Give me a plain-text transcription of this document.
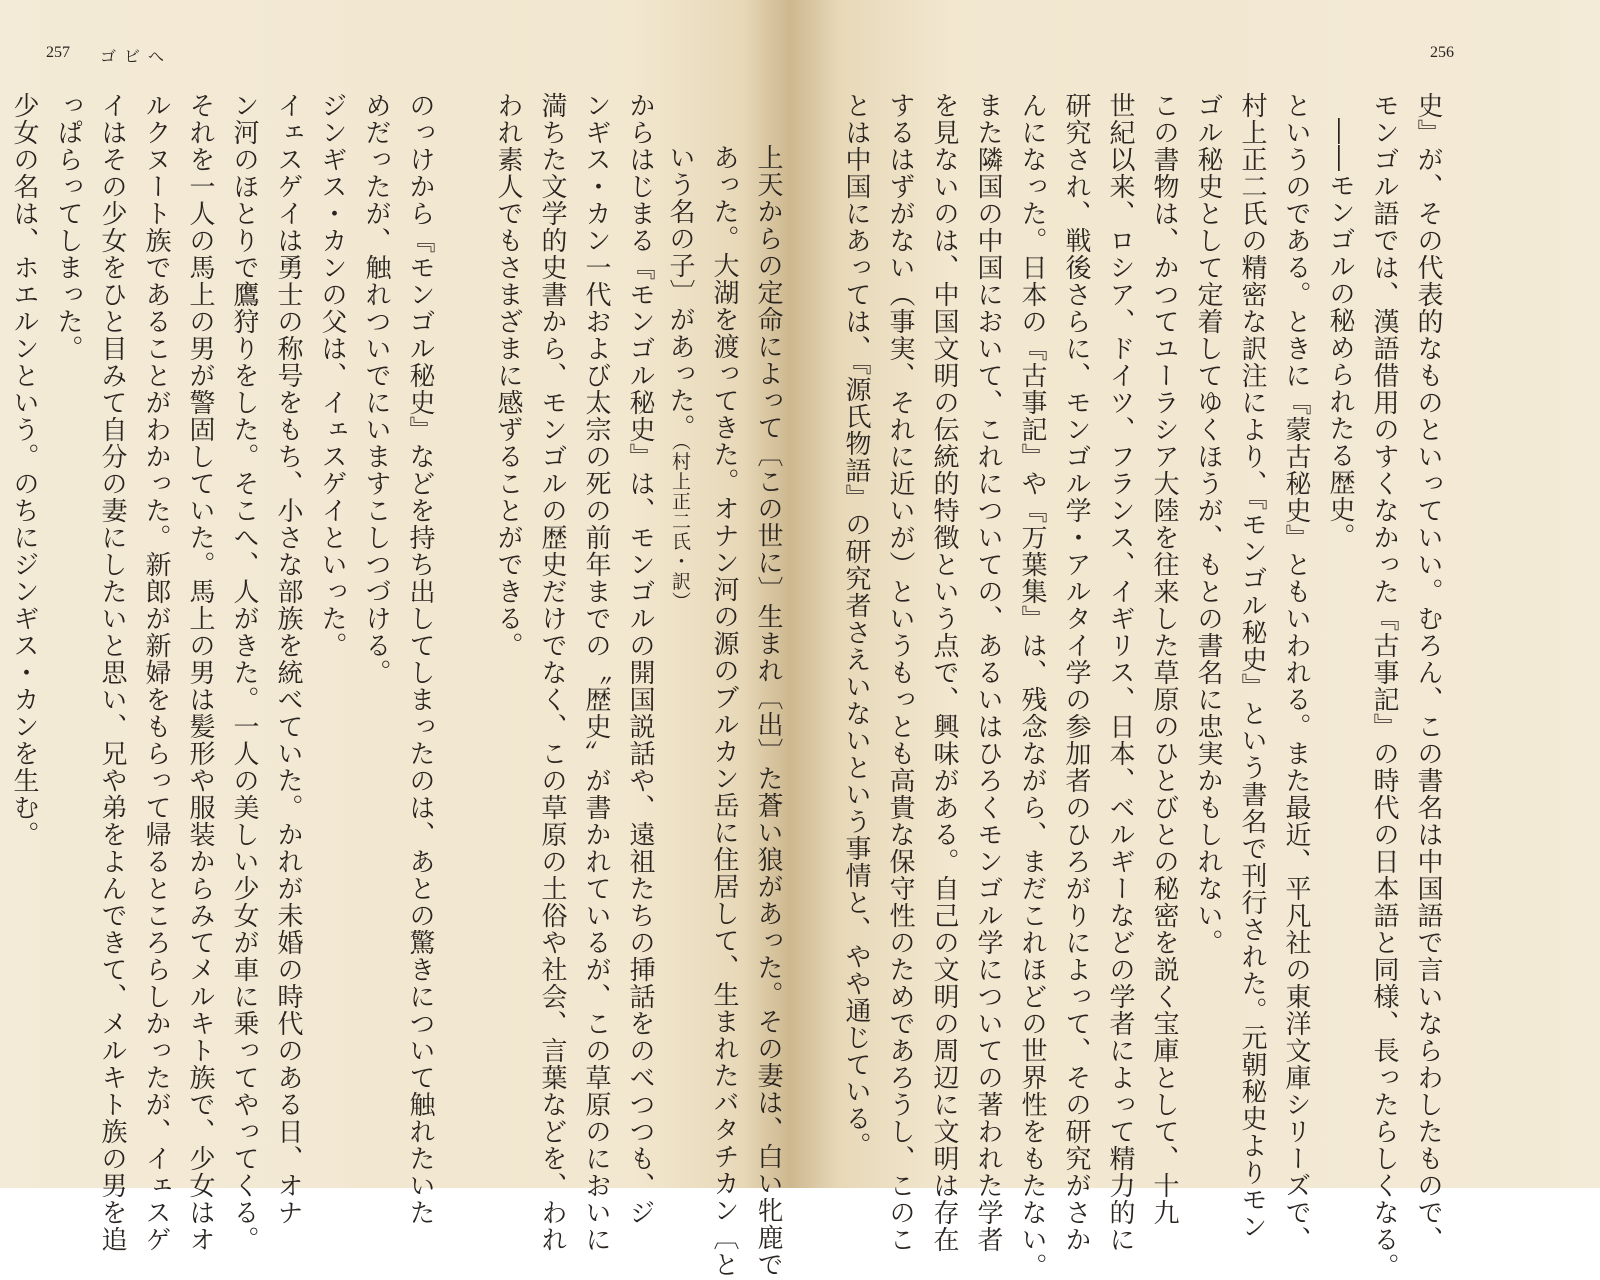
257 ゴビへ
からはじまる『モンゴル秘史』は、モンゴルの開国説話や、遠祖たちの挿話をのべつつも、ジ
ンギス・カン一代および太宗の死の前年までの〝歴史〟が書かれているが、この草原のにおいに
満ちた文学的史書から、モンゴルの歴史だけでなく、この草原の土俗や社会、言葉などを、われ
われ素人でもさまざまに感ずることができる。
のっけから『モンゴル秘史』などを持ち出してしまったのは、あとの驚きについて触れたいた
めだったが、触れついでにいますこしつづける。
ジンギス・カンの父は、イェスゲイといった。
イェスゲイは勇士の称号をもち、小さな部族を統べていた。かれが未婚の時代のある日、オナ
ン河のほとりで鷹狩りをした。そこへ、人がきた。一人の美しい少女が車に乗ってやってくる。
それを一人の馬上の男が警固していた。馬上の男は髪形や服装からみてメルキト族で、少女はオ
ルクヌート族であることがわかった。新郎が新婦をもらって帰るところらしかったが、イェスゲ
イはその少女をひと目みて自分の妻にしたいと思い、兄や弟をよんできて、メルキト族の男を追
っぱらってしまった。
少女の名は、ホエルンという。のちにジンギス・カンを生む。
256
史』が、その代表的なものといっていい。むろん、この書名は中国語で言いならわしたもので、
モンゴル語では、漢語借用のすくなかった『古事記』の時代の日本語と同様、長ったらしくなる。
――モンゴルの秘められたる歴史。
というのである。ときに『蒙古秘史』ともいわれる。また最近、平凡社の東洋文庫シリーズで、
村上正二氏の精密な訳注により、『モンゴル秘史』という書名で刊行された。元朝秘史よりモン
ゴル秘史として定着してゆくほうが、もとの書名に忠実かもしれない。
この書物は、かつてユーラシア大陸を往来した草原のひとびとの秘密を説く宝庫として、十九
世紀以来、ロシア、ドイツ、フランス、イギリス、日本、ベルギーなどの学者によって精力的に
研究され、戦後さらに、モンゴル学・アルタイ学の参加者のひろがりによって、その研究がさか
んになった。日本の『古事記』や『万葉集』は、残念ながら、まだこれほどの世界性をもたない。
また隣国の中国において、これについての、あるいはひろくモンゴル学についての著われた学者
を見ないのは、中国文明の伝統的特徴という点で、興味がある。自己の文明の周辺に文明は存在
するはずがない（事実、それに近いが）というもっとも高貴な保守性のためであろうし、このこ
とは中国にあっては、『源氏物語』の研究者さえいないという事情と、やや通じている。
上天からの定命によって〔この世に〕生まれ〔出〕た蒼い狼があった。その妻は、白い牝鹿で
あった。大湖を渡ってきた。オナン河の源のブルカン岳に住居して、生まれたバタチカン〔と
いう名の子〕があった。（村上正二氏・訳）
